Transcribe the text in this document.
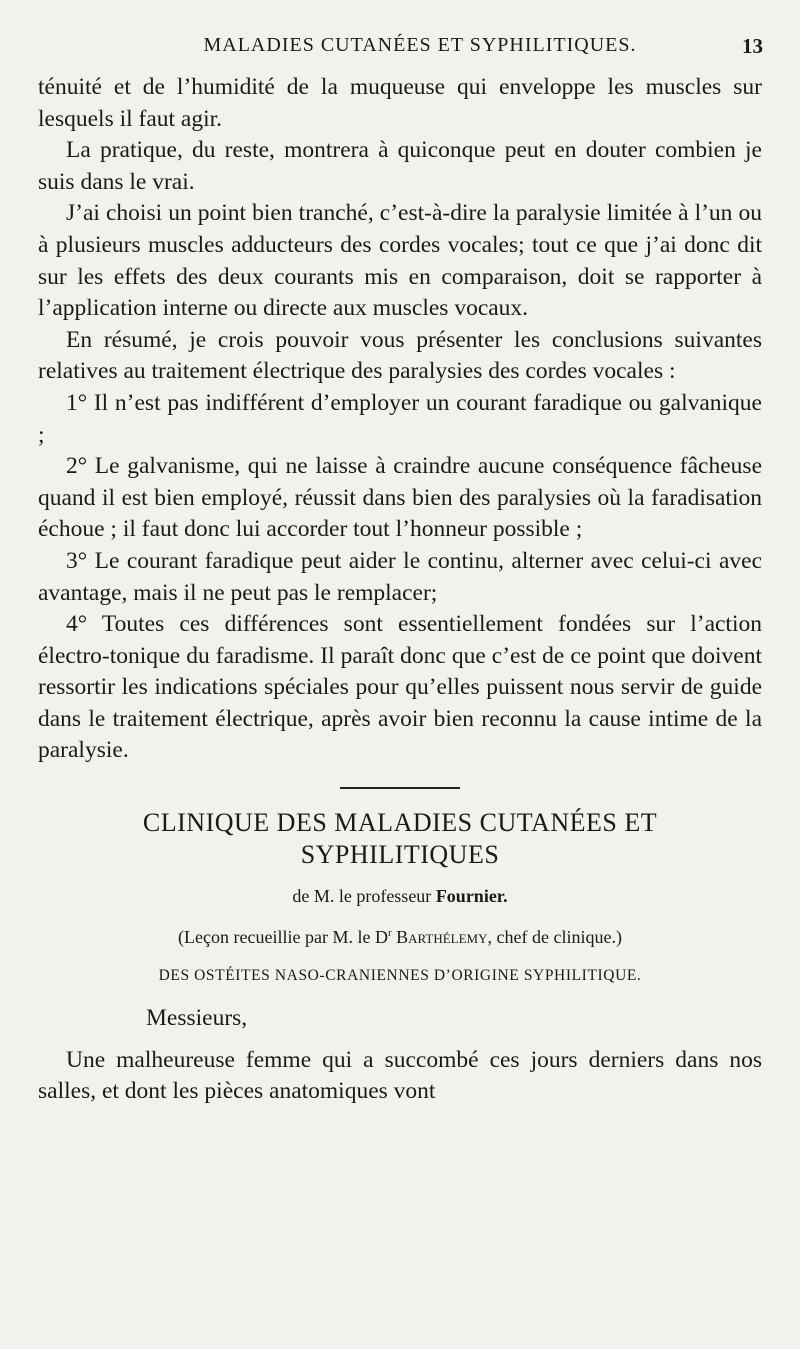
MALADIES CUTANÉES ET SYPHILITIQUES.	13

ténuité et de l’humidité de la muqueuse qui enveloppe les muscles sur lesquels il faut agir.

La pratique, du reste, montrera à quiconque peut en douter combien je suis dans le vrai.

J’ai choisi un point bien tranché, c’est-à-dire la paralysie limitée à l’un ou à plusieurs muscles adducteurs des cordes vocales; tout ce que j’ai donc dit sur les effets des deux courants mis en comparaison, doit se rapporter à l’application interne ou directe aux muscles vocaux.

En résumé, je crois pouvoir vous présenter les conclusions suivantes relatives au traitement électrique des paralysies des cordes vocales :

1° Il n’est pas indifférent d’employer un courant faradique ou galvanique ;

2° Le galvanisme, qui ne laisse à craindre aucune conséquence fâcheuse quand il est bien employé, réussit dans bien des paralysies où la faradisation échoue ; il faut donc lui accorder tout l’honneur possible ;

3° Le courant faradique peut aider le continu, alterner avec celui-ci avec avantage, mais il ne peut pas le remplacer;

4° Toutes ces différences sont essentiellement fondées sur l’action électro-tonique du faradisme. Il paraît donc que c’est de ce point que doivent ressortir les indications spéciales pour qu’elles puissent nous servir de guide dans le traitement électrique, après avoir bien reconnu la cause intime de la paralysie.

CLINIQUE DES MALADIES CUTANÉES ET
SYPHILITIQUES
de M. le professeur Fournier.
(Leçon recueillie par M. le $D^r$ Barthélemy, chef de clinique.)
DES OSTÉITES NASO-CRANIENNES D’ORIGINE SYPHILITIQUE.

Messieurs,

Une malheureuse femme qui a succombé ces jours derniers dans nos salles, et dont les pièces anatomiques vont
